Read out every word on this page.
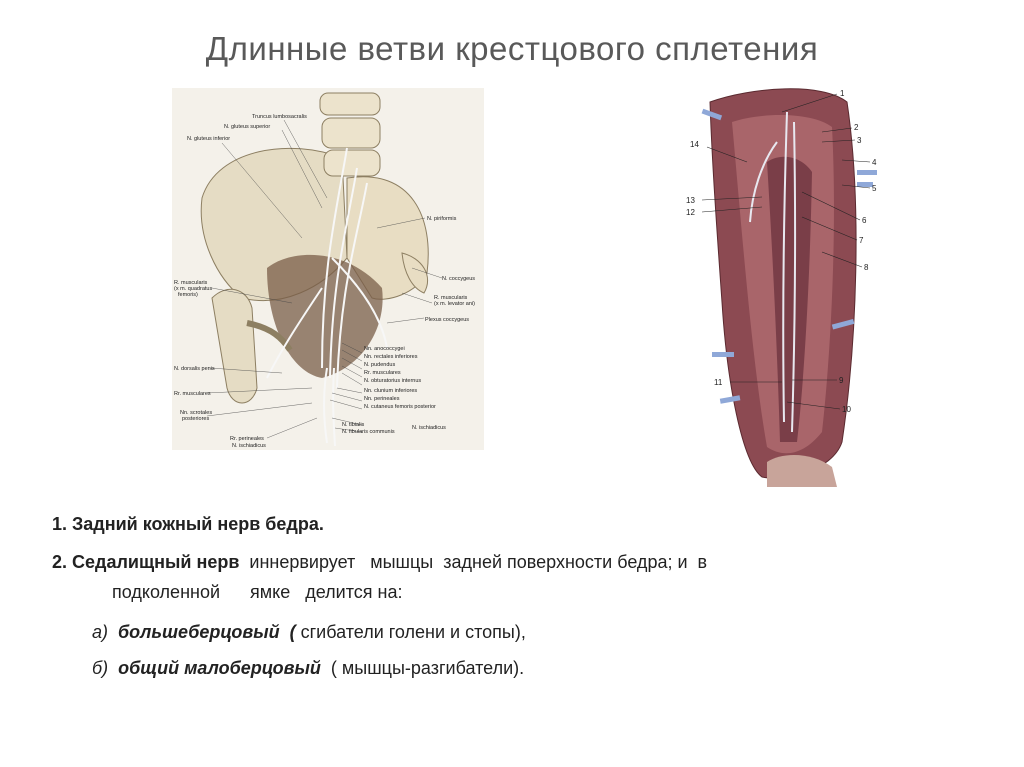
Длинные ветви крестцового сплетения
Truncus lumbosacralis
N. gluteus superior
N. gluteus inferior
N. piriformis
N. coccygeus
R. muscularis
(x m. quadratus
femoris)	R. muscularis
(x m. levator ani)
Plexus coccygeus
Nn. anococcygei
Nn. rectales inferiores
N. pudendus
Rr. musculares
N. obturatorius internus
N. dorsalis penis
Rr. musculares	Nn. clunium inferiores
Nn. perineales
Nn. scrotales
posteriores
N. cutaneus femoris posterior
N. tibialis
N. fibularis communis
N. ischiadicus
Rr. perineales
N. ischiadicus
1
2
3
4
5
6
7
8
9
10
11
12
13
14
1. Задний кожный нерв бедра.
2. Седалищный нерв  иннервирует   мышцы  задней поверхности бедра; и  в
подколенной      ямке   делится на:
а)  большеберцовый  ( сгибатели голени и стопы),
б)  общий малоберцовый  ( мышцы-разгибатели).
